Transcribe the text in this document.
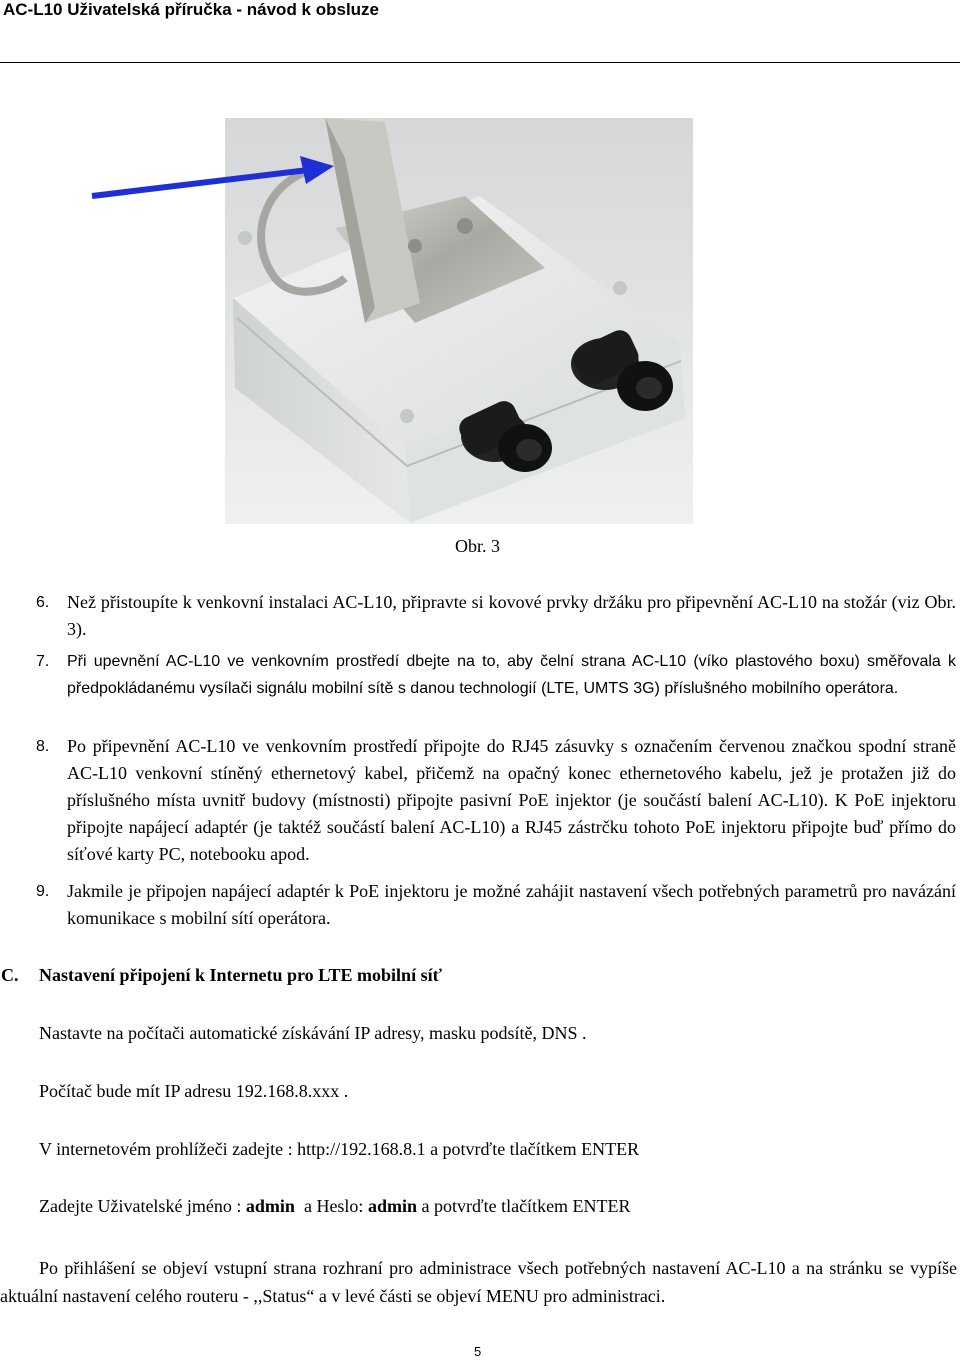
AC-L10 Uživatelská příručka - návod k obsluze
Obr. 3
6. Než přistoupíte k venkovní instalaci AC-L10, připravte si kovové prvky držáku pro připevnění AC-L10 na stožár (viz Obr. 3).
7. Při upevnění AC-L10 ve venkovním prostředí dbejte na to, aby čelní strana AC-L10 (víko plastového boxu) směřovala k předpokládanému vysílači signálu mobilní sítě s danou technologií (LTE, UMTS 3G) příslušného mobilního operátora.
8. Po připevnění AC-L10 ve venkovním prostředí připojte do RJ45 zásuvky s označením červenou značkou spodní straně AC-L10 venkovní stíněný ethernetový kabel, přičemž na opačný konec ethernetového kabelu, jež je protažen již do příslušného místa uvnitř budovy (místnosti) připojte pasivní PoE injektor (je součástí balení AC-L10). K PoE injektoru připojte napájecí adaptér (je taktéž součástí balení AC-L10) a RJ45 zástrčku tohoto PoE injektoru připojte buď přímo do síťové karty PC, notebooku apod.
9. Jakmile je připojen napájecí adaptér k PoE injektoru je možné zahájit nastavení všech potřebných parametrů pro navázání komunikace s mobilní sítí operátora.
C. Nastavení připojení k Internetu pro LTE mobilní síť
Nastavte na počítači automatické získávání IP adresy, masku podsítě, DNS .
Počítač bude mít IP adresu 192.168.8.xxx .
V internetovém prohlížeči zadejte : http://192.168.8.1 a potvrďte tlačítkem ENTER
Zadejte Uživatelské jméno : admin  a Heslo: admin a potvrďte tlačítkem ENTER
Po přihlášení se objeví vstupní strana rozhraní pro administrace všech potřebných nastavení AC-L10 a na stránku se vypíše aktuální nastavení celého routeru - ,,Status“ a v levé části se objeví MENU pro administraci.
5
